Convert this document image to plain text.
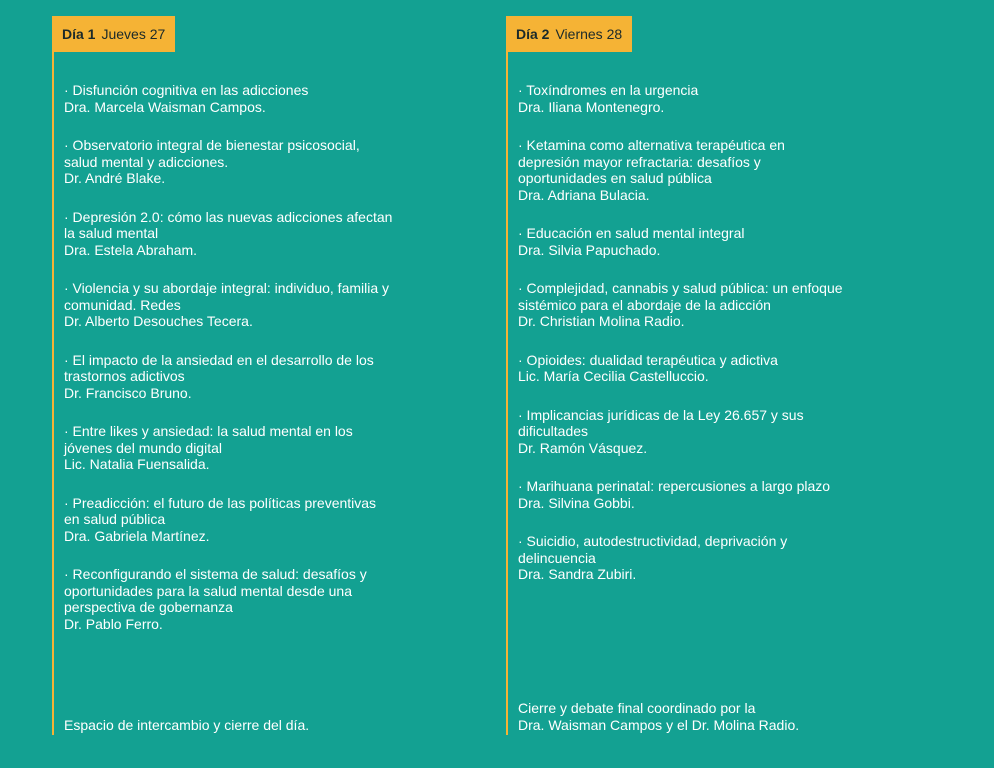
Día 1 Jueves 27
· Disfunción cognitiva en las adicciones
Dra. Marcela Waisman Campos.
· Observatorio integral de bienestar psicosocial,
salud mental y adicciones.
Dr. André Blake.
· Depresión 2.0: cómo las nuevas adicciones afectan
la salud mental
Dra. Estela Abraham.
· Violencia y su abordaje integral: individuo, familia y
comunidad. Redes
Dr. Alberto Desouches Tecera.
· El impacto de la ansiedad en el desarrollo de los
trastornos adictivos
Dr. Francisco Bruno.
· Entre likes y ansiedad: la salud mental en los
jóvenes del mundo digital
Lic. Natalia Fuensalida.
· Preadicción: el futuro de las políticas preventivas
en salud pública
Dra. Gabriela Martínez.
· Reconfigurando el sistema de salud: desafíos y
oportunidades para la salud mental desde una
perspectiva de gobernanza
Dr. Pablo Ferro.
Espacio de intercambio y cierre del día.
Día 2 Viernes 28
· Toxíndromes en la urgencia
Dra. Iliana Montenegro.
· Ketamina como alternativa terapéutica en
depresión mayor refractaria: desafíos y
oportunidades en salud pública
Dra. Adriana Bulacia.
· Educación en salud mental integral
Dra. Silvia Papuchado.
· Complejidad, cannabis y salud pública: un enfoque
sistémico para el abordaje de la adicción
Dr. Christian Molina Radio.
· Opioides: dualidad terapéutica y adictiva
Lic. María Cecilia Castelluccio.
· Implicancias jurídicas de la Ley 26.657 y sus
dificultades
Dr. Ramón Vásquez.
· Marihuana perinatal: repercusiones a largo plazo
Dra. Silvina Gobbi.
· Suicidio, autodestructividad, deprivación y
delincuencia
Dra. Sandra Zubiri.
Cierre y debate final coordinado por la
Dra. Waisman Campos y el Dr. Molina Radio.
